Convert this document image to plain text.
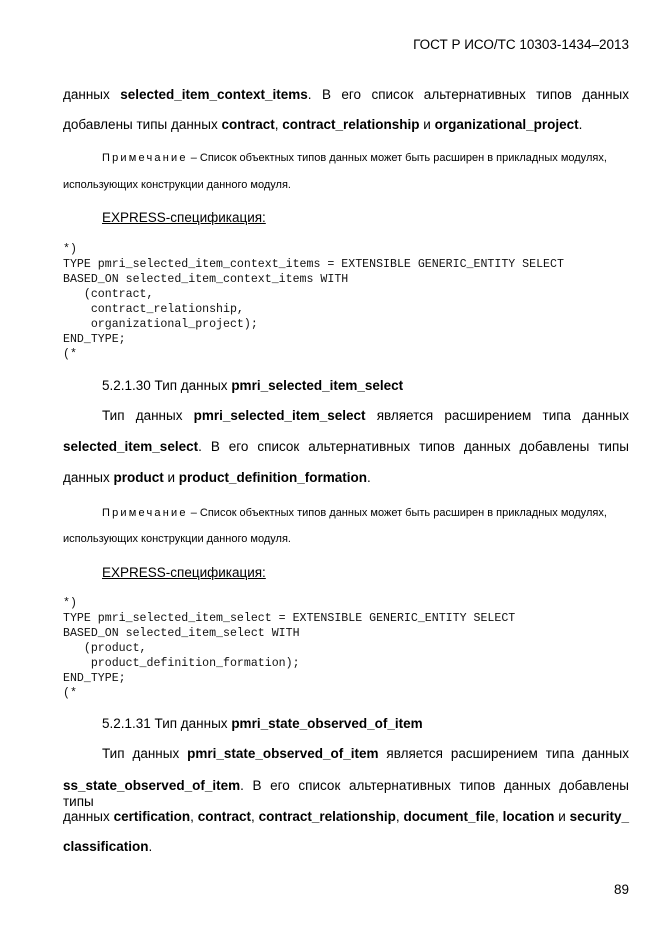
ГОСТ Р ИСО/ТС 10303-1434–2013
данных selected_item_context_items. В его список альтернативных типов данных
добавлены типы данных contract, contract_relationship и organizational_project.
Примечание – Список объектных типов данных может быть расширен в прикладных модулях,
использующих конструкции данного модуля.
EXPRESS-спецификация:
*)
TYPE pmri_selected_item_context_items = EXTENSIBLE GENERIC_ENTITY SELECT
BASED_ON selected_item_context_items WITH
(contract,
contract_relationship,
organizational_project);
END_TYPE;
(*
5.2.1.30 Тип данных pmri_selected_item_select
Тип данных pmri_selected_item_select является расширением типа данных
selected_item_select. В его список альтернативных типов данных добавлены типы
данных product и product_definition_formation.
Примечание – Список объектных типов данных может быть расширен в прикладных модулях,
использующих конструкции данного модуля.
EXPRESS-спецификация:
*)
TYPE pmri_selected_item_select = EXTENSIBLE GENERIC_ENTITY SELECT
BASED_ON selected_item_select WITH
(product,
product_definition_formation);
END_TYPE;
(*
5.2.1.31 Тип данных pmri_state_observed_of_item
Тип данных pmri_state_observed_of_item является расширением типа данных
ss_state_observed_of_item. В его список альтернативных типов данных добавлены типы
данных certification, contract, contract_relationship, document_file, location и security_
classification.
89
